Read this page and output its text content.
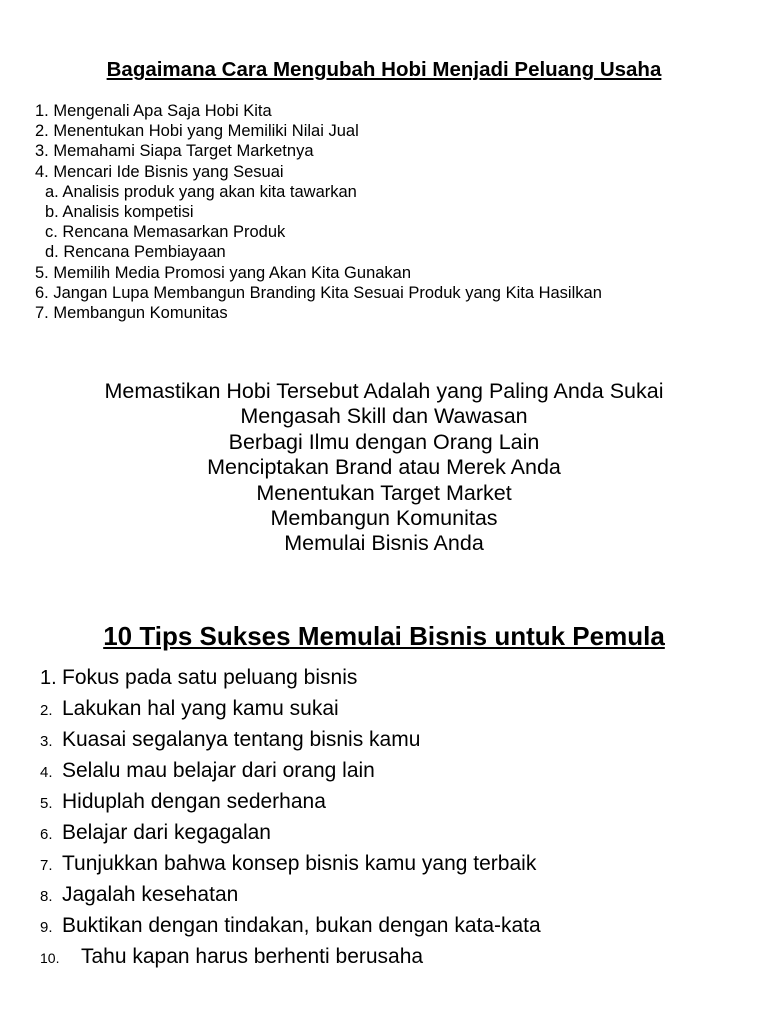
Bagaimana Cara Mengubah Hobi Menjadi Peluang Usaha
1. Mengenali Apa Saja Hobi Kita
2. Menentukan Hobi yang Memiliki Nilai Jual
3. Memahami Siapa Target Marketnya
4. Mencari Ide Bisnis yang Sesuai
a. Analisis produk yang akan kita tawarkan
b. Analisis kompetisi
c. Rencana Memasarkan Produk
d. Rencana Pembiayaan
5. Memilih Media Promosi yang Akan Kita Gunakan
6. Jangan Lupa Membangun Branding Kita Sesuai Produk yang Kita Hasilkan
7. Membangun Komunitas
Memastikan Hobi Tersebut Adalah yang Paling Anda Sukai
Mengasah Skill dan Wawasan
Berbagi Ilmu dengan Orang Lain
Menciptakan Brand atau Merek Anda
Menentukan Target Market
Membangun Komunitas
Memulai Bisnis Anda
10 Tips Sukses Memulai Bisnis untuk Pemula
1. Fokus pada satu peluang bisnis
2. Lakukan hal yang kamu sukai
3. Kuasai segalanya tentang bisnis kamu
4. Selalu mau belajar dari orang lain
5. Hiduplah dengan sederhana
6. Belajar dari kegagalan
7. Tunjukkan bahwa konsep bisnis kamu yang terbaik
8. Jagalah kesehatan
9. Buktikan dengan tindakan, bukan dengan kata-kata
10. Tahu kapan harus berhenti berusaha
